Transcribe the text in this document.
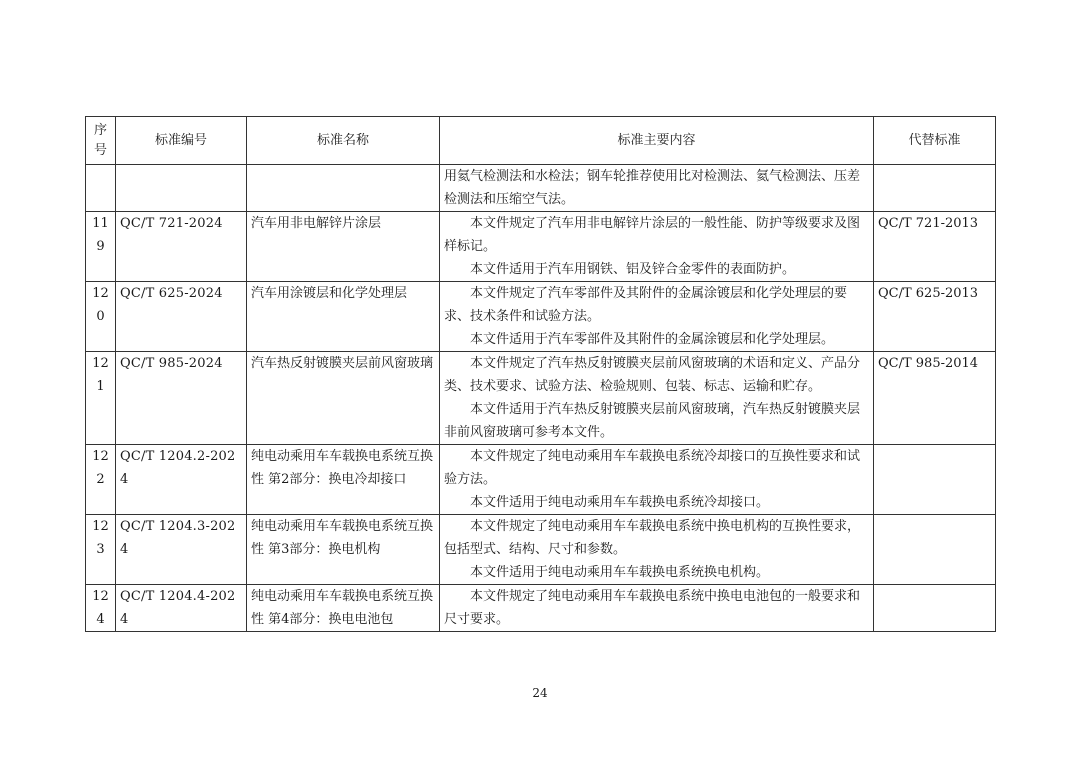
序号	标准编号	标准名称	标准主要内容	代替标准

			用氦气检测法和水检法；钢车轮推荐使用比对检测法、氦气检测法、压差检测法和压缩空气法。	

119	QC/T 721-2024	汽车用非电解锌片涂层	本文件规定了汽车用非电解锌片涂层的一般性能、防护等级要求及图样标记。

本文件适用于汽车用钢铁、铝及锌合金零件的表面防护。	QC/T 721-2013
120	QC/T 625-2024	汽车用涂镀层和化学处理层	本文件规定了汽车零部件及其附件的金属涂镀层和化学处理层的要求、技术条件和试验方法。

本文件适用于汽车零部件及其附件的金属涂镀层和化学处理层。	QC/T 625-2013
121	QC/T 985-2024	汽车热反射镀膜夹层前风窗玻璃	本文件规定了汽车热反射镀膜夹层前风窗玻璃的术语和定义、产品分类、技术要求、试验方法、检验规则、包装、标志、运输和贮存。

本文件适用于汽车热反射镀膜夹层前风窗玻璃，汽车热反射镀膜夹层非前风窗玻璃可参考本文件。	QC/T 985-2014
122	QC/T 1204.2-2024	纯电动乘用车车载换电系统互换性 第2部分：换电冷却接口	本文件规定了纯电动乘用车车载换电系统冷却接口的互换性要求和试验方法。

本文件适用于纯电动乘用车车载换电系统冷却接口。	

123	QC/T 1204.3-2024	纯电动乘用车车载换电系统互换性 第3部分：换电机构	本文件规定了纯电动乘用车车载换电系统中换电机构的互换性要求，包括型式、结构、尺寸和参数。

本文件适用于纯电动乘用车车载换电系统换电机构。	

124	QC/T 1204.4-2024	纯电动乘用车车载换电系统互换性 第4部分：换电电池包	本文件规定了纯电动乘用车车载换电系统中换电电池包的一般要求和尺寸要求。	

24
